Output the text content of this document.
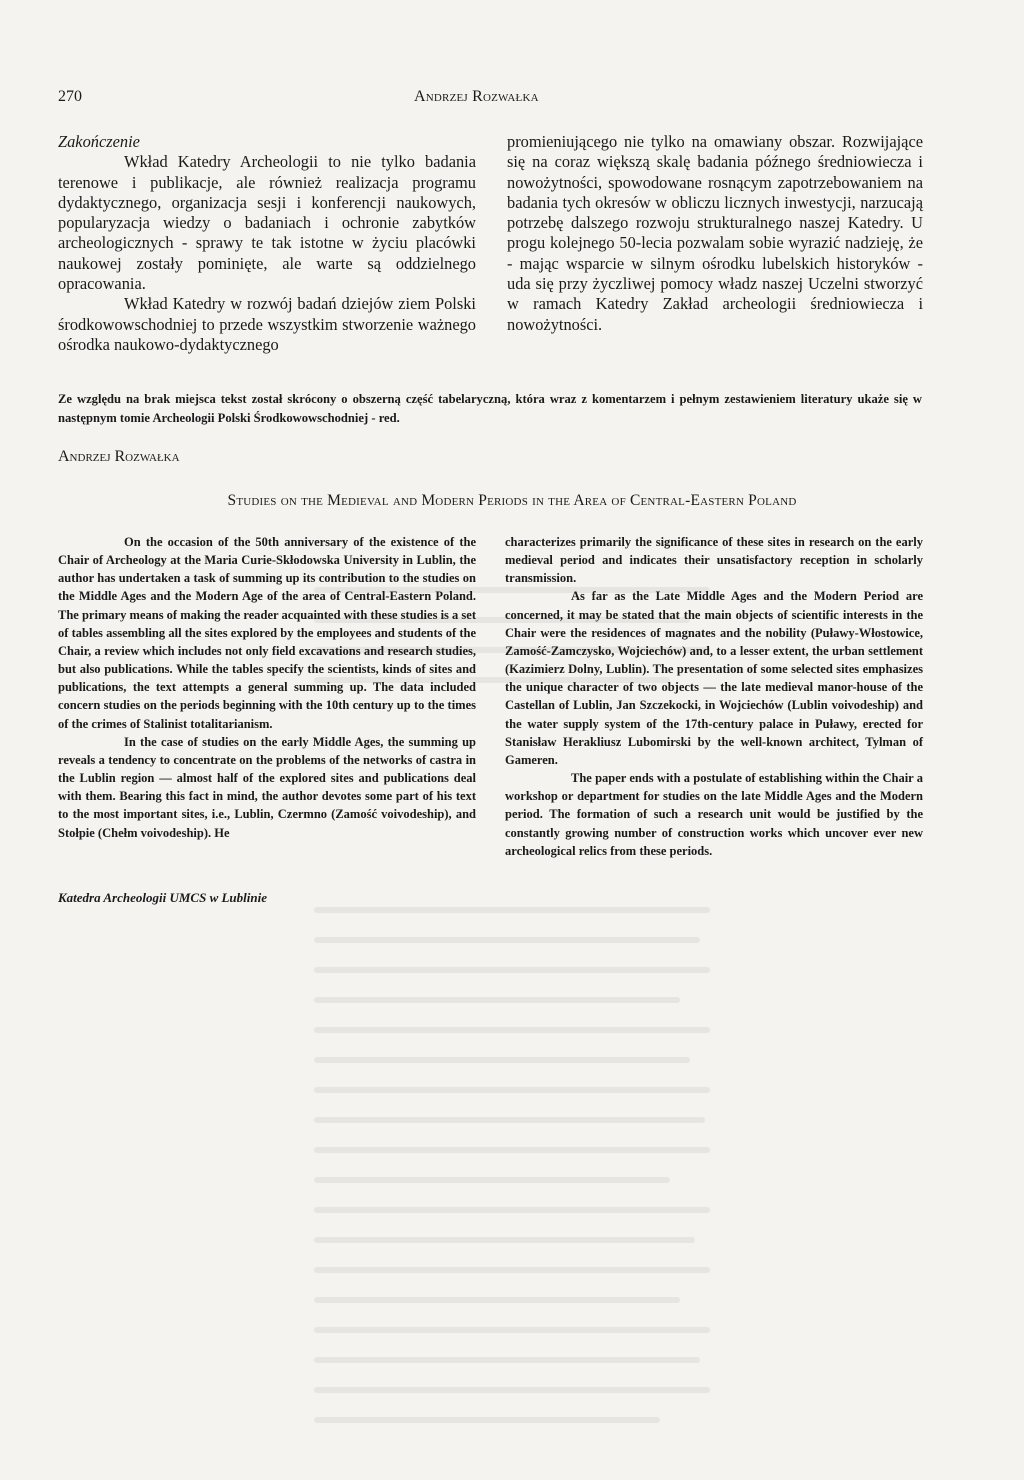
270	Andrzej Rozwałka
Zakończenie

Wkład Katedry Archeologii to nie tylko badania terenowe i publikacje, ale również realizacja programu dydaktycznego, organizacja sesji i konferencji naukowych, popularyzacja wiedzy o badaniach i ochronie zabytków archeologicznych - sprawy te tak istotne w życiu placówki naukowej zostały pominięte, ale warte są oddzielnego opracowania.

Wkład Katedry w rozwój badań dziejów ziem Polski środkowowschodniej to przede wszystkim stworzenie ważnego ośrodka naukowo-dydaktycznego

promieniującego nie tylko na omawiany obszar. Rozwijające się na coraz większą skalę badania późnego średniowiecza i nowożytności, spowodowane rosnącym zapotrzebowaniem na badania tych okresów w obliczu licznych inwestycji, narzucają potrzebę dalszego rozwoju strukturalnego naszej Katedry. U progu kolejnego 50-lecia pozwalam sobie wyrazić nadzieję, że - mając wsparcie w silnym ośrodku lubelskich historyków - uda się przy życzliwej pomocy władz naszej Uczelni stworzyć w ramach Katedry Zakład archeologii średniowiecza i nowożytności.

Ze względu na brak miejsca tekst został skrócony o obszerną część tabelaryczną, która wraz z komentarzem i pełnym zestawieniem literatury ukaże się w następnym tomie Archeologii Polski Środkowowschodniej - red.
Andrzej Rozwałka
Studies on the Medieval and Modern Periods in the Area of Central-Eastern Poland

On the occasion of the 50th anniversary of the existence of the Chair of Archeology at the Maria Curie-Skłodowska University in Lublin, the author has undertaken a task of summing up its contribution to the studies on the Middle Ages and the Modern Age of the area of Central-Eastern Poland. The primary means of making the reader acquainted with these studies is a set of tables assembling all the sites explored by the employees and students of the Chair, a review which includes not only field excavations and research studies, but also publications. While the tables specify the scientists, kinds of sites and publications, the text attempts a general summing up. The data included concern studies on the periods beginning with the 10th century up to the times of the crimes of Stalinist totalitarianism.

In the case of studies on the early Middle Ages, the summing up reveals a tendency to concentrate on the problems of the networks of castra in the Lublin region — almost half of the explored sites and publications deal with them. Bearing this fact in mind, the author devotes some part of his text to the most important sites, i.e., Lublin, Czermno (Zamość voivodeship), and Stołpie (Chełm voivodeship). He

characterizes primarily the significance of these sites in research on the early medieval period and indicates their unsatisfactory reception in scholarly transmission.

As far as the Late Middle Ages and the Modern Period are concerned, it may be stated that the main objects of scientific interests in the Chair were the residences of magnates and the nobility (Puławy-Włostowice, Zamość-Zamczysko, Wojciechów) and, to a lesser extent, the urban settlement (Kazimierz Dolny, Lublin). The presentation of some selected sites emphasizes the unique character of two objects — the late medieval manor-house of the Castellan of Lublin, Jan Szczekocki, in Wojciechów (Lublin voivodeship) and the water supply system of the 17th-century palace in Puławy, erected for Stanisław Herakliusz Lubomirski by the well-known architect, Tylman of Gameren.

The paper ends with a postulate of establishing within the Chair a workshop or department for studies on the late Middle Ages and the Modern period. The formation of such a research unit would be justified by the constantly growing number of construction works which uncover ever new archeological relics from these periods.

Katedra Archeologii UMCS w Lublinie
